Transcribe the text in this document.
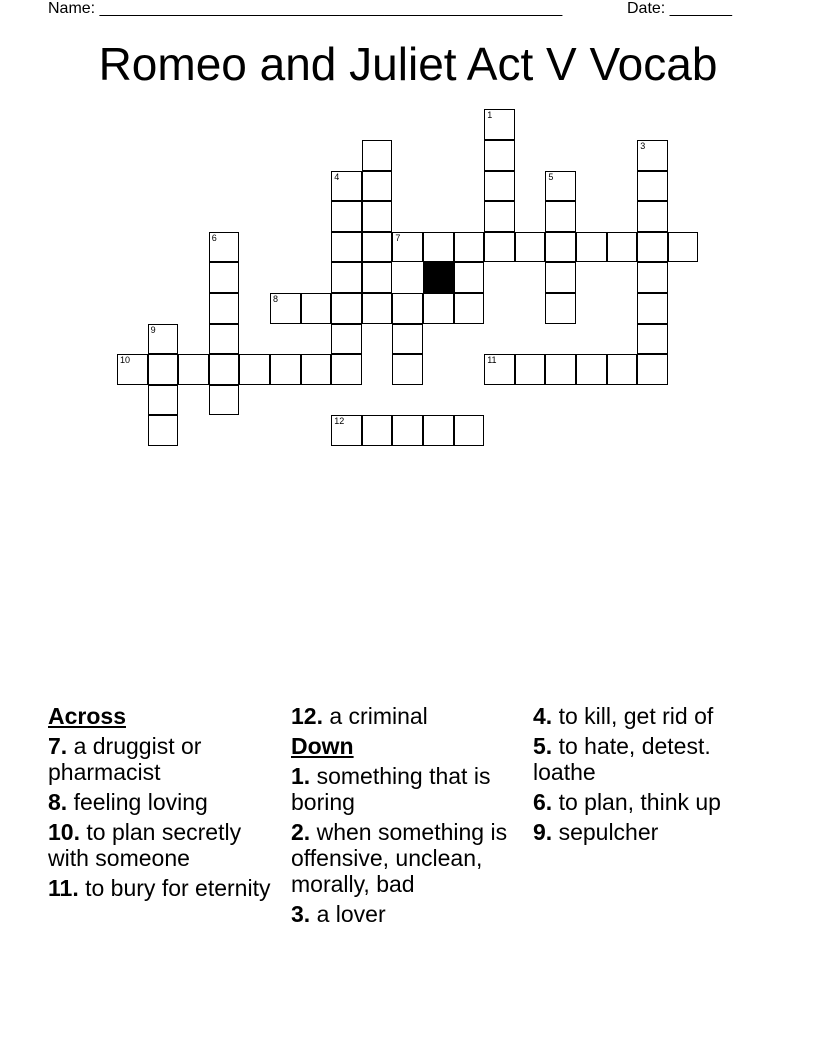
Name: ____________________________________________________	Date: _______
Romeo and Juliet Act V Vocab
1
3
4	5
6	7
8
9
10	11
12
Across
7. a druggist or pharmacist
8. feeling loving
10. to plan secretly with someone
11. to bury for eternity
12. a criminal
Down
1. something that is boring
2. when something is offensive, unclean, morally, bad
3. a lover
4. to kill, get rid of
5. to hate, detest. loathe
6. to plan, think up
9. sepulcher
